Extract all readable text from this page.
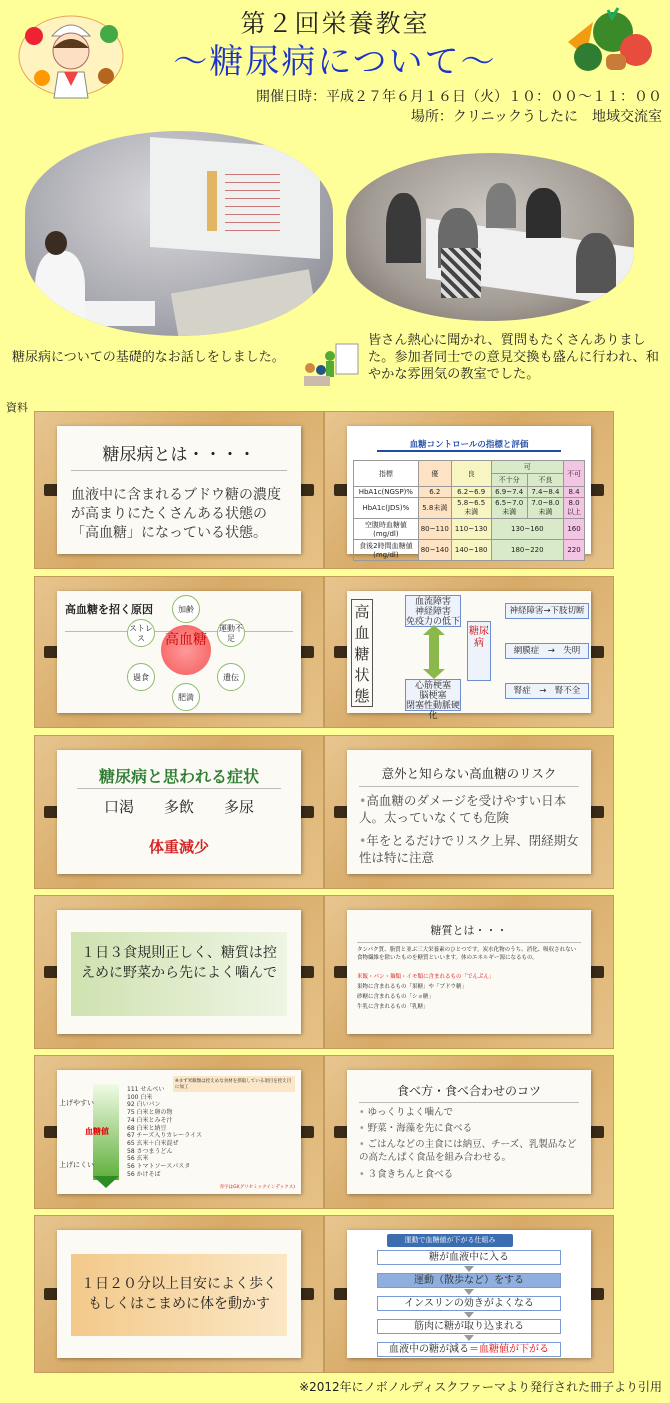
第２回栄養教室
～糖尿病について～
開催日時：平成２７年６月１６日（火）１０：００～１１：００
場所：クリニックうしたに　地域交流室
糖尿病についての基礎的なお話しをしました。
皆さん熱心に聞かれ、質問もたくさんありました。参加者同士での意見交換も盛んに行われ、和やかな雰囲気の教室でした。
資料
糖尿病とは・・・・
血液中に含まれるブドウ糖の濃度が高まりにたくさんある状態の「高血糖」になっている状態。
血糖コントロールの指標と評価
指標	優	良	可		不可
			不十分	不良	
HbA1c(NGSP)%	6.2	6.2~6.9	6.9~7.4	7.4~8.4	8.4
HbA1c(JDS)%	5.8未満	5.8~6.5未満	6.5~7.0未満	7.0~8.0未満	8.0以上
空腹時血糖値(mg/dl)	80~110	110~130	130~160		160
食後2時間血糖値(mg/dl)	80~140	140~180	180~220		220
高血糖を招く原因
高血糖
加齢
運動不足
遺伝
肥満
過食
ストレス
高血糖状態
血流障害
神経障害
免疫力の低下
心筋梗塞
脳梗塞
閉塞性動脈硬化
糖尿病
神経障害→下肢切断
網膜症　→　失明
腎症　→　腎不全
糖尿病と思われる症状
口渇　　多飲　　多尿
体重減少
意外と知らない高血糖のリスク
•高血糖のダメージを受けやすい日本人。太っていなくても危険
•年をとるだけでリスク上昇、閉経期女性は特に注意
１日３食規則正しく、糖質は控えめに野菜から先によく噛んで
糖質とは・・・
タンパク質、脂質と並ぶ三大栄養素のひとつです。炭水化物のうち、消化、吸収されない食物繊維を除いたものを糖質といいます。体のエネルギー源になるもの。
米飯・パン・麺類・イモ類に含まれるもの「でんぷん」
果物に含まれるもの「果糖」や「ブドウ糖」
砂糖に含まれるもの「ショ糖」
牛乳に含まれるもの「乳糖」
※まず米飯類は控えめな食材を摂取している項目を控え目に加工
上げやすい
血糖値
上げにくい
111 せんべい
100 白米
92 白いパン
75 白米と卵の物
74 白米とみそ汁
68 白米と納豆
67 チーズ入りカレーライス
65 玄米＋白米混ぜ
58 さつまうどん
56 玄米
56 トマトソースパスタ
56 かけそば
赤字はGI(グリセミックインデックス)
食べ方・食べ合わせのコツ
• ゆっくりよく噛んで
• 野菜・海藻を先に食べる
• ごはんなどの主食には納豆、チーズ、乳製品などの高たんぱく食品を組み合わせる。
• ３食きちんと食べる
１日２０分以上目安によく歩くもしくはこまめに体を動かす
運動で血糖値が下がる仕組み
糖が血液中に入る
運動（散歩など）をする
インスリンの効きがよくなる
筋肉に糖が取り込まれる
血液中の糖が減る＝血糖値が下がる
※2012年にノボノルディスクファーマより発行された冊子より引用
